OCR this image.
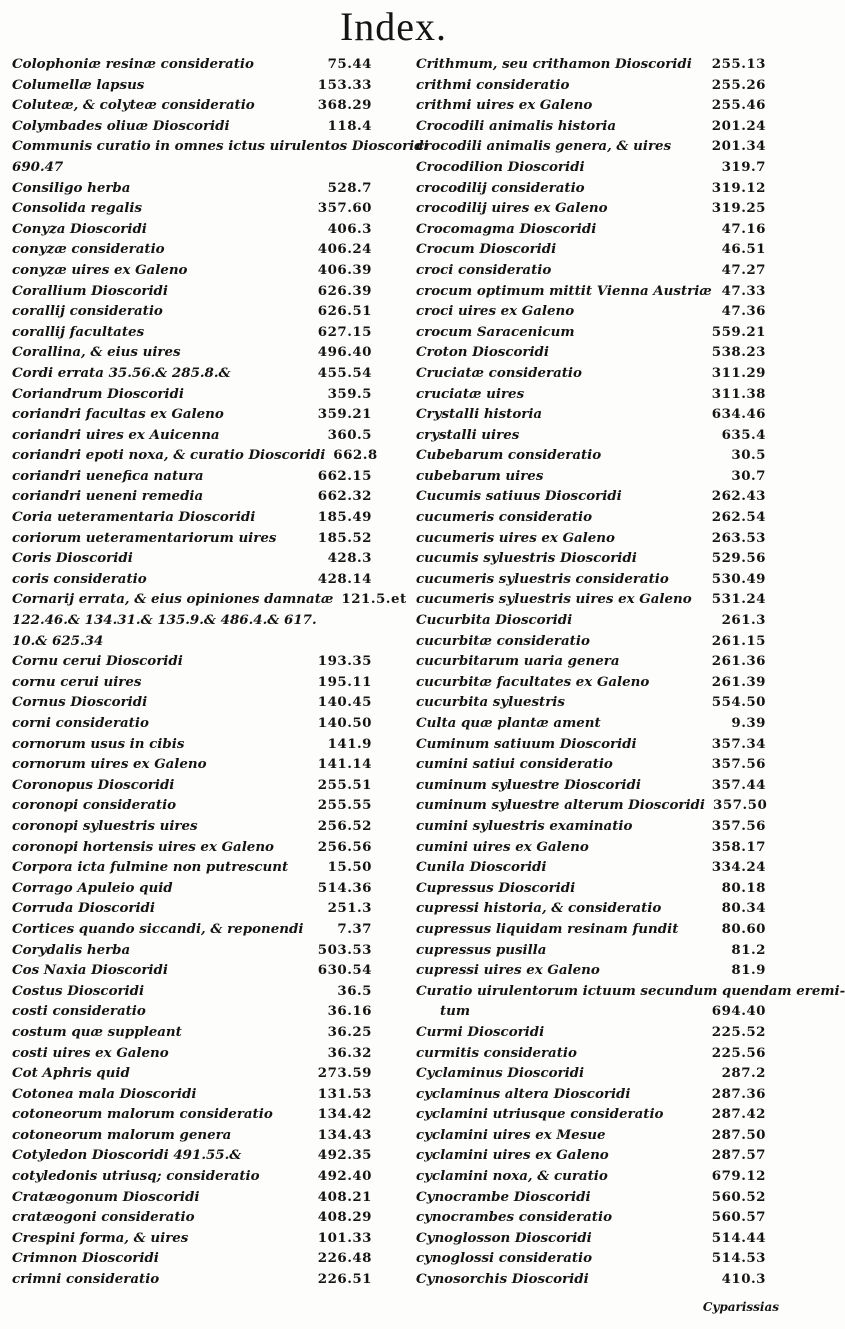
Index.
Colophoniæ resinæ consideratio	75.44
Columellæ lapsus	153.33
Coluteæ, & colyteæ consideratio	368.29
Colymbades oliuæ Dioscoridi	118.4
Communis curatio in omnes ictus uirulentos Dioscoridi
690.47
Consiligo herba	528.7
Consolida regalis	357.60
Conyza Dioscoridi	406.3
conyzæ consideratio	406.24
conyzæ uires ex Galeno	406.39
Corallium Dioscoridi	626.39
corallij consideratio	626.51
corallij facultates	627.15
Corallina, & eius uires	496.40
Cordi errata 35.56.& 285.8.&	455.54
Coriandrum Dioscoridi	359.5
coriandri facultas ex Galeno	359.21
coriandri uires ex Auicenna	360.5
coriandri epoti noxa, & curatio Dioscoridi 662.8
coriandri uenefica natura	662.15
coriandri ueneni remedia	662.32
Coria ueteramentaria Dioscoridi	185.49
coriorum ueteramentariorum uires	185.52
Coris Dioscoridi	428.3
coris consideratio	428.14
Cornarij errata, & eius opiniones damnatæ 121.5.et
122.46.& 134.31.& 135.9.& 486.4.& 617.
10.& 625.34
Cornu cerui Dioscoridi	193.35
cornu cerui uires	195.11
Cornus Dioscoridi	140.45
corni consideratio	140.50
cornorum usus in cibis	141.9
cornorum uires ex Galeno	141.14
Coronopus Dioscoridi	255.51
coronopi consideratio	255.55
coronopi syluestris uires	256.52
coronopi hortensis uires ex Galeno	256.56
Corpora icta fulmine non putrescunt	15.50
Corrago Apuleio quid	514.36
Corruda Dioscoridi	251.3
Cortices quando siccandi, & reponendi	7.37
Corydalis herba	503.53
Cos Naxia Dioscoridi	630.54
Costus Dioscoridi	36.5
costi consideratio	36.16
costum quæ suppleant	36.25
costi uires ex Galeno	36.32
Cot Aphris quid	273.59
Cotonea mala Dioscoridi	131.53
cotoneorum malorum consideratio	134.42
cotoneorum malorum genera	134.43
Cotyledon Dioscoridi 491.55.&	492.35
cotyledonis utriusq; consideratio	492.40
Cratæogonum Dioscoridi	408.21
cratæogoni consideratio	408.29
Crespini forma, & uires	101.33
Crimnon Dioscoridi	226.48
crimni consideratio	226.51
Crithmum, seu crithamon Dioscoridi	255.13
crithmi consideratio	255.26
crithmi uires ex Galeno	255.46
Crocodili animalis historia	201.24
crocodili animalis genera, & uires	201.34
Crocodilion Dioscoridi	319.7
crocodilij consideratio	319.12
crocodilij uires ex Galeno	319.25
Crocomagma Dioscoridi	47.16
Crocum Dioscoridi	46.51
croci consideratio	47.27
crocum optimum mittit Vienna Austriæ 47.33
croci uires ex Galeno	47.36
crocum Saracenicum	559.21
Croton Dioscoridi	538.23
Cruciatæ consideratio	311.29
cruciatæ uires	311.38
Crystalli historia	634.46
crystalli uires	635.4
Cubebarum consideratio	30.5
cubebarum uires	30.7
Cucumis satiuus Dioscoridi	262.43
cucumeris consideratio	262.54
cucumeris uires ex Galeno	263.53
cucumis syluestris Dioscoridi	529.56
cucumeris syluestris consideratio	530.49
cucumeris syluestris uires ex Galeno	531.24
Cucurbita Dioscoridi	261.3
cucurbitæ consideratio	261.15
cucurbitarum uaria genera	261.36
cucurbitæ facultates ex Galeno	261.39
cucurbita syluestris	554.50
Culta quæ plantæ ament	9.39
Cuminum satiuum Dioscoridi	357.34
cumini satiui consideratio	357.56
cuminum syluestre Dioscoridi	357.44
cuminum syluestre alterum Dioscoridi 357.50
cumini syluestris examinatio	357.56
cumini uires ex Galeno	358.17
Cunila Dioscoridi	334.24
Cupressus Dioscoridi	80.18
cupressi historia, & consideratio	80.34
cupressus liquidam resinam fundit	80.60
cupressus pusilla	81.2
cupressi uires ex Galeno	81.9
Curatio uirulentorum ictuum secundum quendam eremi-
tum	694.40
Curmi Dioscoridi	225.52
curmitis consideratio	225.56
Cyclaminus Dioscoridi	287.2
cyclaminus altera Dioscoridi	287.36
cyclamini utriusque consideratio	287.42
cyclamini uires ex Mesue	287.50
cyclamini uires ex Galeno	287.57
cyclamini noxa, & curatio	679.12
Cynocrambe Dioscoridi	560.52
cynocrambes consideratio	560.57
Cynoglosson Dioscoridi	514.44
cynoglossi consideratio	514.53
Cynosorchis Dioscoridi	410.3
Cyparissias
